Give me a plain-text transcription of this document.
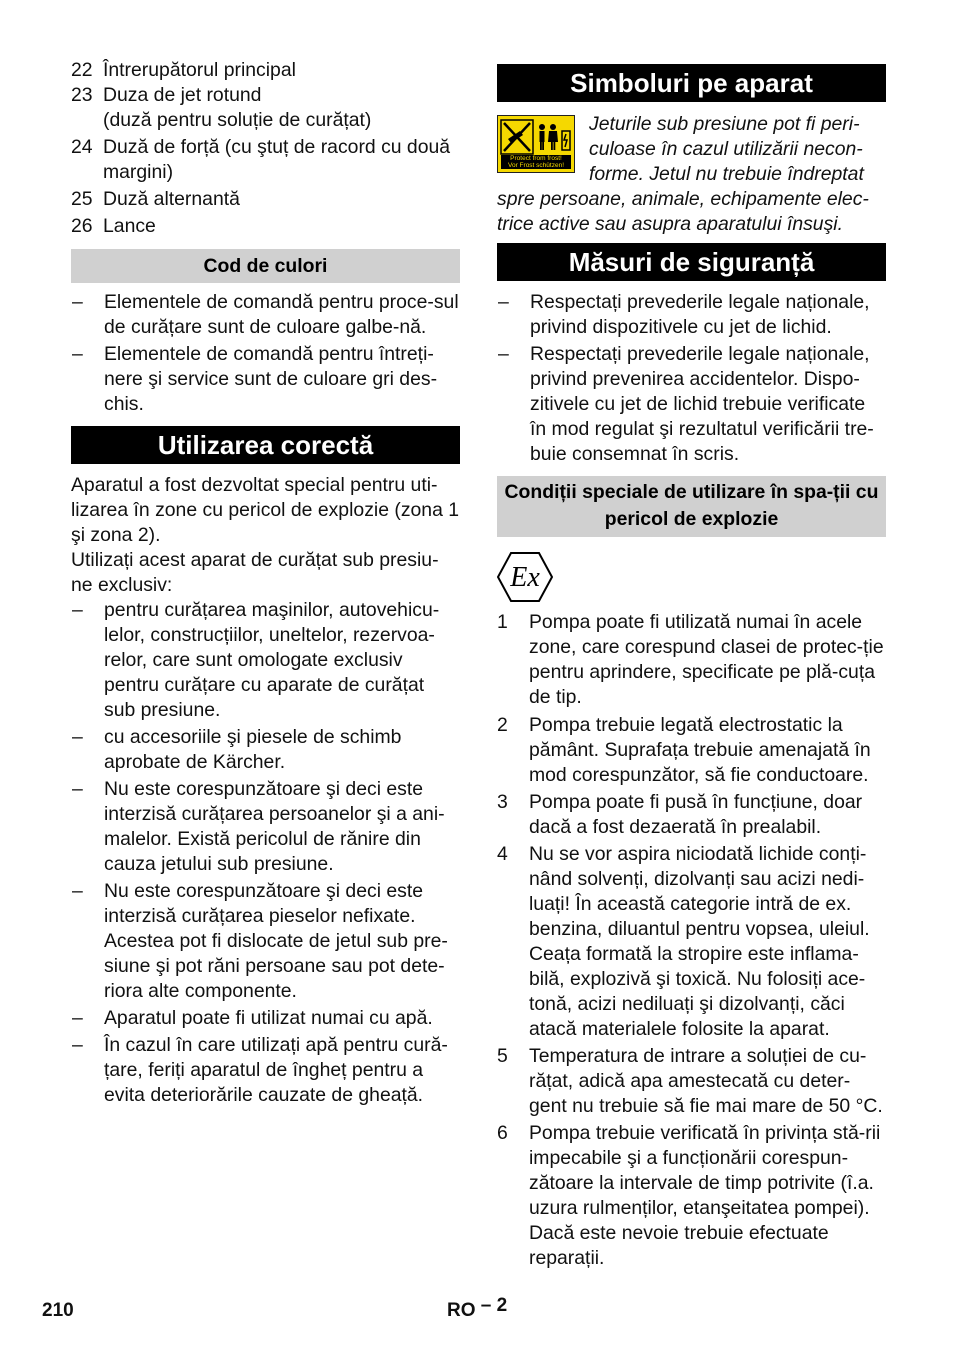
22 Întrerupătorul principal
23 Duza de jet rotund
(duză pentru soluție de curățat)
24 Duză de forță (cu ştuț de racord cu două margini)
25 Duză alternantă
26 Lance
Cod de culori
–	Elementele de comandă pentru proce-sul de curățare sunt de culoare galbe-nă.
–	Elementele de comandă pentru întreți-nere şi service sunt de culoare gri des-chis.
Utilizarea corectă

Aparatul a fost dezvoltat special pentru uti-lizarea în zone cu pericol de explozie (zona 1 şi zona 2).

Utilizați acest aparat de curățat sub presiu-ne exclusiv:

–	pentru curățarea maşinilor, autovehicu-lelor, construcțiilor, uneltelor, rezervoa-relor, care sunt omologate exclusiv pentru curățare cu aparate de curățat sub presiune.
–	cu accesoriile şi piesele de schimb aprobate de Kärcher.
–	Nu este corespunzătoare şi deci este interzisă curățarea persoanelor şi a ani-malelor. Există pericolul de rănire din cauza jetului sub presiune.
–	Nu este corespunzătoare şi deci este interzisă curățarea pieselor nefixate. Acestea pot fi dislocate de jetul sub pre-siune şi pot răni persoane sau pot dete-riora alte componente.
–	Aparatul poate fi utilizat numai cu apă.
–	În cazul în care utilizați apă pentru cură-țare, feriți aparatul de îngheț pentru a evita deteriorările cauzate de gheață.
Simboluri pe aparat
Protect from frost!
Vor Frost schützen!

Jeturile sub presiune pot fi peri-culoase în cazul utilizării necon-forme. Jetul nu trebuie îndreptat spre persoane, animale, echipamente elec-trice active sau asupra aparatului însuşi.

Măsuri de siguranță
–	Respectați prevederile legale naționale, privind dispozitivele cu jet de lichid.
–	Respectați prevederile legale naționale, privind prevenirea accidentelor. Dispo-zitivele cu jet de lichid trebuie verificate în mod regulat şi rezultatul verificării tre-buie consemnat în scris.
Condiții speciale de utilizare în spa-ții cu pericol de explozie
Ex
1	Pompa poate fi utilizată numai în acele zone, care corespund clasei de protec-ție pentru aprindere, specificate pe plă-cuța de tip.
2	Pompa trebuie legată electrostatic la pământ. Suprafața trebuie amenajată în mod corespunzător, să fie conductoare.
3	Pompa poate fi pusă în funcțiune, doar dacă a fost dezaerată în prealabil.
4	Nu se vor aspira niciodată lichide conți-nând solvenți, dizolvanți sau acizi nedi-luați! În această categorie intră de ex. benzina, diluantul pentru vopsea, uleiul. Ceața formată la stropire este inflama-bilă, explozivă şi toxică. Nu folosiți ace-tonă, acizi nediluați şi dizolvanți, căci atacă materialele folosite la aparat.
5	Temperatura de intrare a soluției de cu-rățat, adică apa amestecată cu deter-gent nu trebuie să fie mai mare de 50 °C.
6	Pompa trebuie verificată în privința stă-rii impecabile şi a funcționării corespun-zătoare la intervale de timp potrivite (î.a. uzura rulmenților, etanşeitatea pompei). Dacă este nevoie trebuie efectuate reparații.
210	RO – 2
